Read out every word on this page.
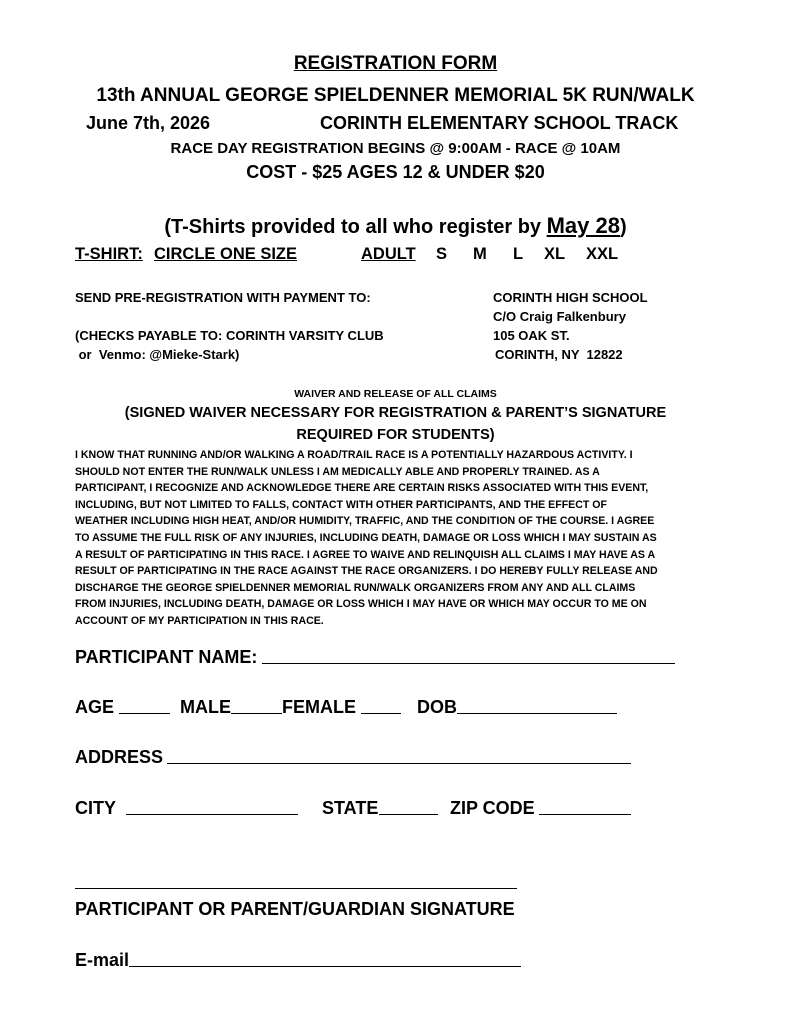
REGISTRATION FORM
13th ANNUAL GEORGE SPIELDENNER MEMORIAL 5K RUN/WALK
June 7th, 2026	CORINTH ELEMENTARY SCHOOL TRACK
RACE DAY REGISTRATION BEGINS @ 9:00AM - RACE @ 10AM
COST - $25 AGES 12 & UNDER $20
(T-Shirts provided to all who register by May 28)
T-SHIRT: CIRCLE ONE SIZE	ADULT S M L XL XXL
SEND PRE-REGISTRATION WITH PAYMENT TO:
(CHECKS PAYABLE TO: CORINTH VARSITY CLUB
or  Venmo: @Mieke-Stark)
CORINTH HIGH SCHOOL
C/O Craig Falkenbury
105 OAK ST.
CORINTH, NY  12822
WAIVER AND RELEASE OF ALL CLAIMS
(SIGNED WAIVER NECESSARY FOR REGISTRATION & PARENT’S SIGNATURE
REQUIRED FOR STUDENTS)
I KNOW THAT RUNNING AND/OR WALKING A ROAD/TRAIL RACE IS A POTENTIALLY HAZARDOUS ACTIVITY. I
SHOULD NOT ENTER THE RUN/WALK UNLESS I AM MEDICALLY ABLE AND PROPERLY TRAINED. AS A
PARTICIPANT, I RECOGNIZE AND ACKNOWLEDGE THERE ARE CERTAIN RISKS ASSOCIATED WITH THIS EVENT,
INCLUDING, BUT NOT LIMITED TO FALLS, CONTACT WITH OTHER PARTICIPANTS, AND THE EFFECT OF
WEATHER INCLUDING HIGH HEAT, AND/OR HUMIDITY, TRAFFIC, AND THE CONDITION OF THE COURSE. I AGREE
TO ASSUME THE FULL RISK OF ANY INJURIES, INCLUDING DEATH, DAMAGE OR LOSS WHICH I MAY SUSTAIN AS
A RESULT OF PARTICIPATING IN THIS RACE. I AGREE TO WAIVE AND RELINQUISH ALL CLAIMS I MAY HAVE AS A
RESULT OF PARTICIPATING IN THE RACE AGAINST THE RACE ORGANIZERS. I DO HEREBY FULLY RELEASE AND
DISCHARGE THE GEORGE SPIELDENNER MEMORIAL RUN/WALK ORGANIZERS FROM ANY AND ALL CLAIMS
FROM INJURIES, INCLUDING DEATH, DAMAGE OR LOSS WHICH I MAY HAVE OR WHICH MAY OCCUR TO ME ON
ACCOUNT OF MY PARTICIPATION IN THIS RACE.
PARTICIPANT NAME:
AGE	MALE	FEMALE	DOB
ADDRESS
CITY	STATE	ZIP CODE
PARTICIPANT OR PARENT/GUARDIAN SIGNATURE
E-mail
